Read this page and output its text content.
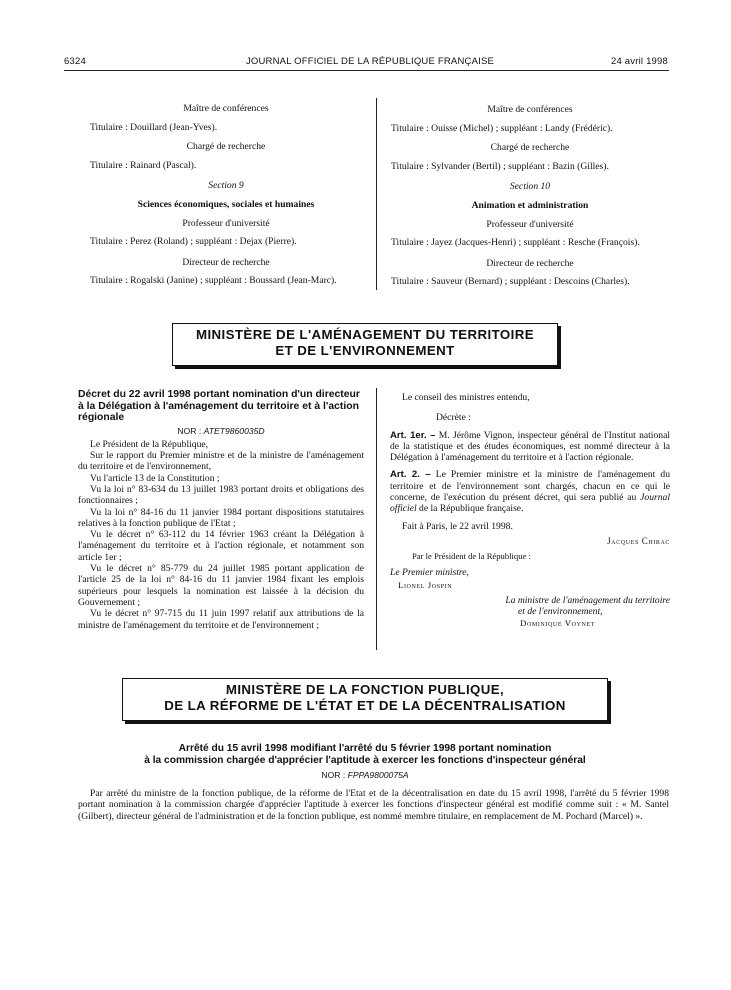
6324	JOURNAL OFFICIEL DE LA RÉPUBLIQUE FRANÇAISE	24 avril 1998
Maître de conférences
Titulaire : Douillard (Jean-Yves).
Chargé de recherche
Titulaire : Rainard (Pascal).
Section 9
Sciences économiques, sociales et humaines
Professeur d'université
Titulaire : Perez (Roland) ; suppléant : Dejax (Pierre).
Directeur de recherche
Titulaire : Rogalski (Janine) ; suppléant : Boussard (Jean-Marc).
Maître de conférences
Titulaire : Ouisse (Michel) ; suppléant : Landy (Frédéric).
Chargé de recherche
Titulaire : Sylvander (Bertil) ; suppléant : Bazin (Gilles).
Section 10
Animation et administration
Professeur d'université
Titulaire : Jayez (Jacques-Henri) ; suppléant : Resche (François).
Directeur de recherche
Titulaire : Sauveur (Bernard) ; suppléant : Descoins (Charles).
MINISTÈRE DE L'AMÉNAGEMENT DU TERRITOIRE
ET DE L'ENVIRONNEMENT
Décret du 22 avril 1998 portant nomination d'un directeur à la Délégation à l'aménagement du territoire et à l'action régionale
NOR : ATET9860035D

Le Président de la République,

Sur le rapport du Premier ministre et de la ministre de l'aménagement du territoire et de l'environnement,

Vu l'article 13 de la Constitution ;

Vu la loi n° 83-634 du 13 juillet 1983 portant droits et obligations des fonctionnaires ;

Vu la loi n° 84-16 du 11 janvier 1984 portant dispositions statutaires relatives à la fonction publique de l'Etat ;

Vu le décret n° 63-112 du 14 février 1963 créant la Délégation à l'aménagement du territoire et à l'action régionale, et notamment son article 1er ;

Vu le décret n° 85-779 du 24 juillet 1985 portant application de l'article 25 de la loi n° 84-16 du 11 janvier 1984 fixant les emplois supérieurs pour lesquels la nomination est laissée à la décision du Gouvernement ;

Vu le décret n° 97-715 du 11 juin 1997 relatif aux attributions de la ministre de l'aménagement du territoire et de l'environnement ;

Le conseil des ministres entendu,
Décrète :
Art. 1er. – M. Jérôme Vignon, inspecteur général de l'Institut national de la statistique et des études économiques, est nommé directeur à la Délégation à l'aménagement du territoire et à l'action régionale.
Art. 2. – Le Premier ministre et la ministre de l'aménagement du territoire et de l'environnement sont chargés, chacun en ce qui le concerne, de l'exécution du présent décret, qui sera publié au Journal officiel de la République française.
Fait à Paris, le 22 avril 1998.
Jacques Chirac
Par le Président de la République :
Le Premier ministre,
Lionel Jospin
La ministre de l'aménagement du territoire
et de l'environnement,
Dominique Voynet
MINISTÈRE DE LA FONCTION PUBLIQUE,
DE LA RÉFORME DE L'ÉTAT ET DE LA DÉCENTRALISATION
Arrêté du 15 avril 1998 modifiant l'arrêté du 5 février 1998 portant nomination
à la commission chargée d'apprécier l'aptitude à exercer les fonctions d'inspecteur général
NOR : FPPA9800075A
Par arrêté du ministre de la fonction publique, de la réforme de l'Etat et de la décentralisation en date du 15 avril 1998, l'arrêté du 5 février 1998 portant nomination à la commission chargée d'apprécier l'aptitude à exercer les fonctions d'inspecteur général est modifié comme suit : « M. Santel (Gilbert), directeur général de l'administration et de la fonction publique, est nommé membre titulaire, en remplacement de M. Pochard (Marcel) ».
